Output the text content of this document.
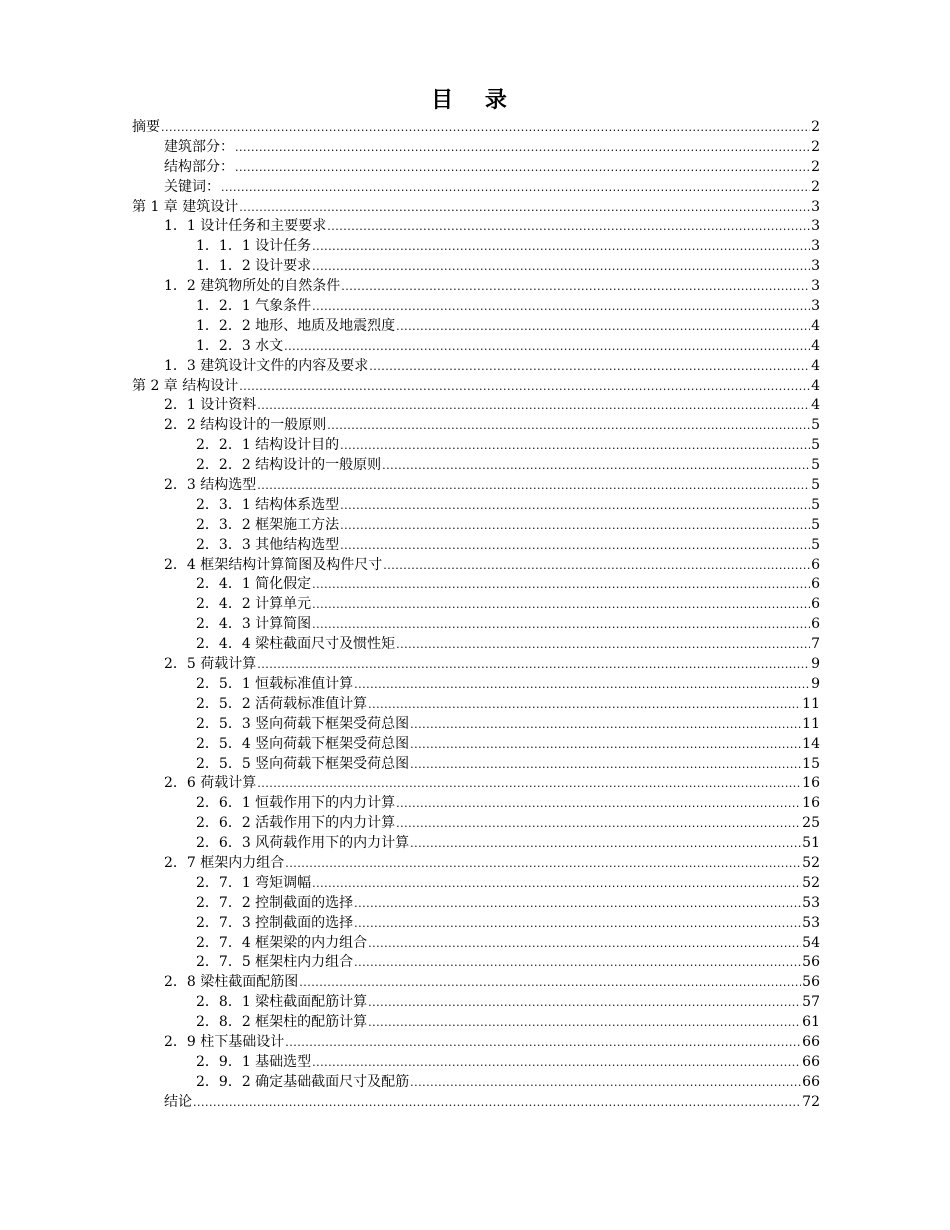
目 录
摘要 .....	2
建筑部分： .....	2
结构部分： .....	2
关键词： .....	2
第 1 章 建筑设计 .....	3
1．1 设计任务和主要要求 .....	3
1．1．1 设计任务 .....	3
1．1．2 设计要求 .....	3
1．2 建筑物所处的自然条件 .....	3
1．2．1 气象条件 .....	3
1．2．2 地形、地质及地震烈度 .....	4
1．2．3 水文 .....	4
1．3 建筑设计文件的内容及要求 .....	4
第 2 章 结构设计 .....	4
2．1 设计资料 .....	4
2．2 结构设计的一般原则 .....	5
2．2．1 结构设计目的 .....	5
2．2．2 结构设计的一般原则 .....	5
2．3 结构选型 .....	5
2．3．1 结构体系选型 .....	5
2．3．2 框架施工方法 .....	5
2．3．3 其他结构选型 .....	5
2．4 框架结构计算简图及构件尺寸 .....	6
2．4．1 简化假定 .....	6
2．4．2 计算单元 .....	6
2．4．3 计算简图 .....	6
2．4．4 梁柱截面尺寸及惯性矩 .....	7
2．5 荷载计算 .....	9
2．5．1 恒载标准值计算 .....	9
2．5．2 活荷载标准值计算 .....	11
2．5．3 竖向荷载下框架受荷总图 .....	11
2．5．4 竖向荷载下框架受荷总图 .....	14
2．5．5 竖向荷载下框架受荷总图 .....	15
2．6 荷载计算 .....	16
2．6．1 恒载作用下的内力计算 .....	16
2．6．2 活载作用下的内力计算 .....	25
2．6．3 风荷载作用下的内力计算 .....	51
2．7 框架内力组合 .....	52
2．7．1 弯矩调幅 .....	52
2．7．2 控制截面的选择 .....	53
2．7．3 控制截面的选择 .....	53
2．7．4 框架梁的内力组合 .....	54
2．7．5 框架柱内力组合 .....	56
2．8 梁柱截面配筋图 .....	56
2．8．1 梁柱截面配筋计算 .....	57
2．8．2 框架柱的配筋计算 .....	61
2．9 柱下基础设计 .....	66
2．9．1 基础选型 .....	66
2．9．2 确定基础截面尺寸及配筋 .....	66
结论 .....	72
